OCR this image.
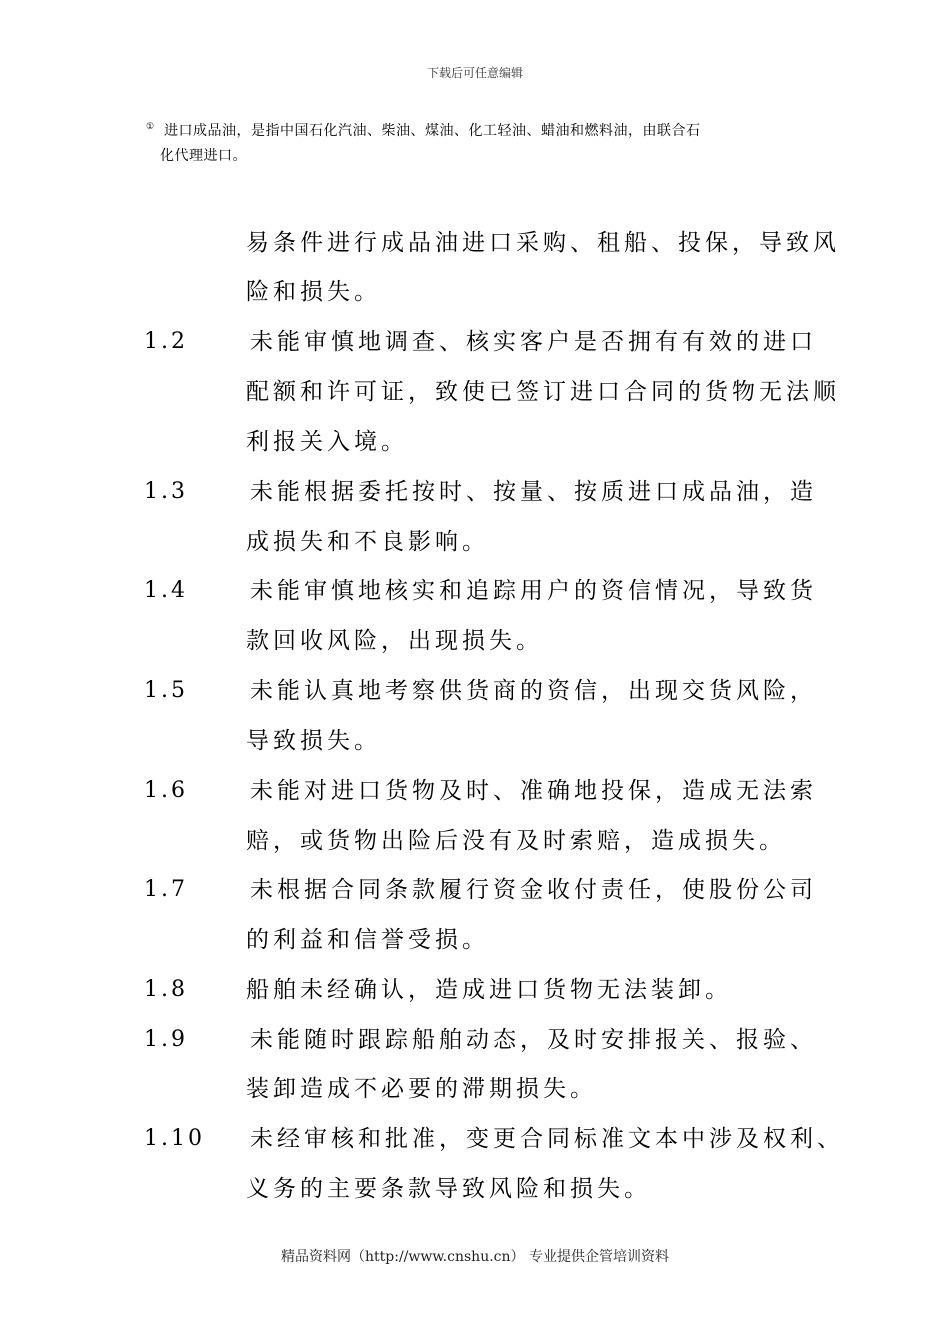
下载后可任意编辑
① 进口成品油，是指中国石化汽油、柴油、煤油、化工轻油、蜡油和燃料油，由联合石
化代理进口。
易条件进行成品油进口采购、租船、投保，导致风
险和损失。
1.2	未能审慎地调查、核实客户是否拥有有效的进口
配额和许可证，致使已签订进口合同的货物无法顺
利报关入境。
1.3	未能根据委托按时、按量、按质进口成品油，造
成损失和不良影响。
1.4	未能审慎地核实和追踪用户的资信情况，导致货
款回收风险，出现损失。
1.5	未能认真地考察供货商的资信，出现交货风险，
导致损失。
1.6	未能对进口货物及时、准确地投保，造成无法索
赔，或货物出险后没有及时索赔，造成损失。
1.7	未根据合同条款履行资金收付责任，使股份公司
的利益和信誉受损。
1.8	船舶未经确认，造成进口货物无法装卸。
1.9	未能随时跟踪船舶动态，及时安排报关、报验、
装卸造成不必要的滞期损失。
1.10 未经审核和批准，变更合同标准文本中涉及权利、
义务的主要条款导致风险和损失。
精品资料网（http://www.cnshu.cn） 专业提供企管培训资料
